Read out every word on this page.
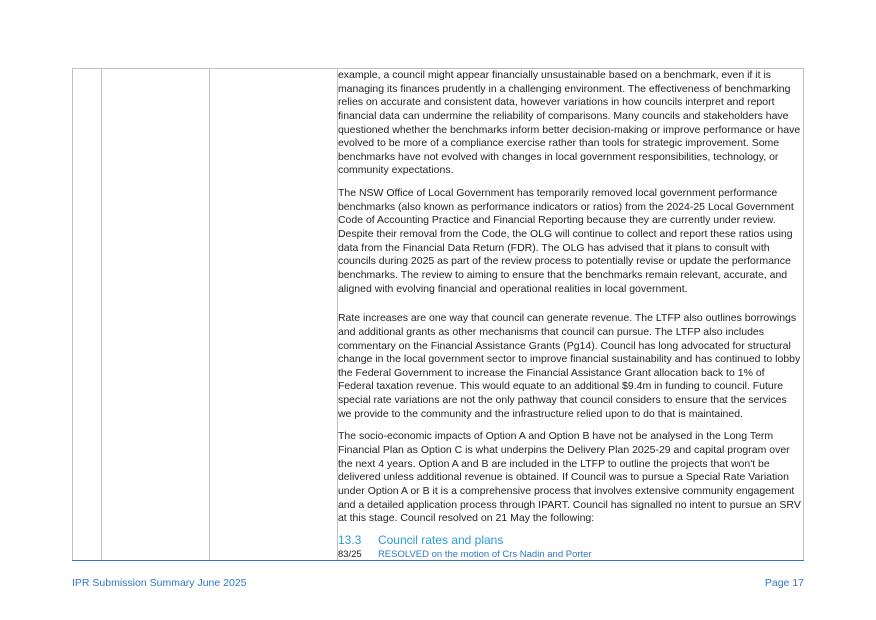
example, a council might appear financially unsustainable based on a benchmark, even if it is managing its finances prudently in a challenging environment. The effectiveness of benchmarking relies on accurate and consistent data, however variations in how councils interpret and report financial data can undermine the reliability of comparisons. Many councils and stakeholders have questioned whether the benchmarks inform better decision-making or improve performance or have evolved to be more of a compliance exercise rather than tools for strategic improvement. Some benchmarks have not evolved with changes in local government responsibilities, technology, or community expectations.

The NSW Office of Local Government has temporarily removed local government performance benchmarks (also known as performance indicators or ratios) from the 2024-25 Local Government Code of Accounting Practice and Financial Reporting because they are currently under review. Despite their removal from the Code, the OLG will continue to collect and report these ratios using data from the Financial Data Return (FDR). The OLG has advised that it plans to consult with councils during 2025 as part of the review process to potentially revise or update the performance benchmarks. The review to aiming to ensure that the benchmarks remain relevant, accurate, and aligned with evolving financial and operational realities in local government.

Rate increases are one way that council can generate revenue. The LTFP also outlines borrowings and additional grants as other mechanisms that council can pursue. The LTFP also includes commentary on the Financial Assistance Grants (Pg14). Council has long advocated for structural change in the local government sector to improve financial sustainability and has continued to lobby the Federal Government to increase the Financial Assistance Grant allocation back to 1% of Federal taxation revenue. This would equate to an additional $9.4m in funding to council. Future special rate variations are not the only pathway that council considers to ensure that the services we provide to the community and the infrastructure relied upon to do that is maintained.

The socio-economic impacts of Option A and Option B have not be analysed in the Long Term Financial Plan as Option C is what underpins the Delivery Plan 2025-29 and capital program over the next 4 years. Option A and B are included in the LTFP to outline the projects that won't be delivered unless additional revenue is obtained. If Council was to pursue a Special Rate Variation under Option A or B it is a comprehensive process that involves extensive community engagement and a detailed application process through IPART. Council has signalled no intent to pursue an SRV at this stage. Council resolved on 21 May the following:

13.3	Council rates and plans
83/25	RESOLVED on the motion of Crs Nadin and Porter
IPR Submission Summary June 2025	Page 17
